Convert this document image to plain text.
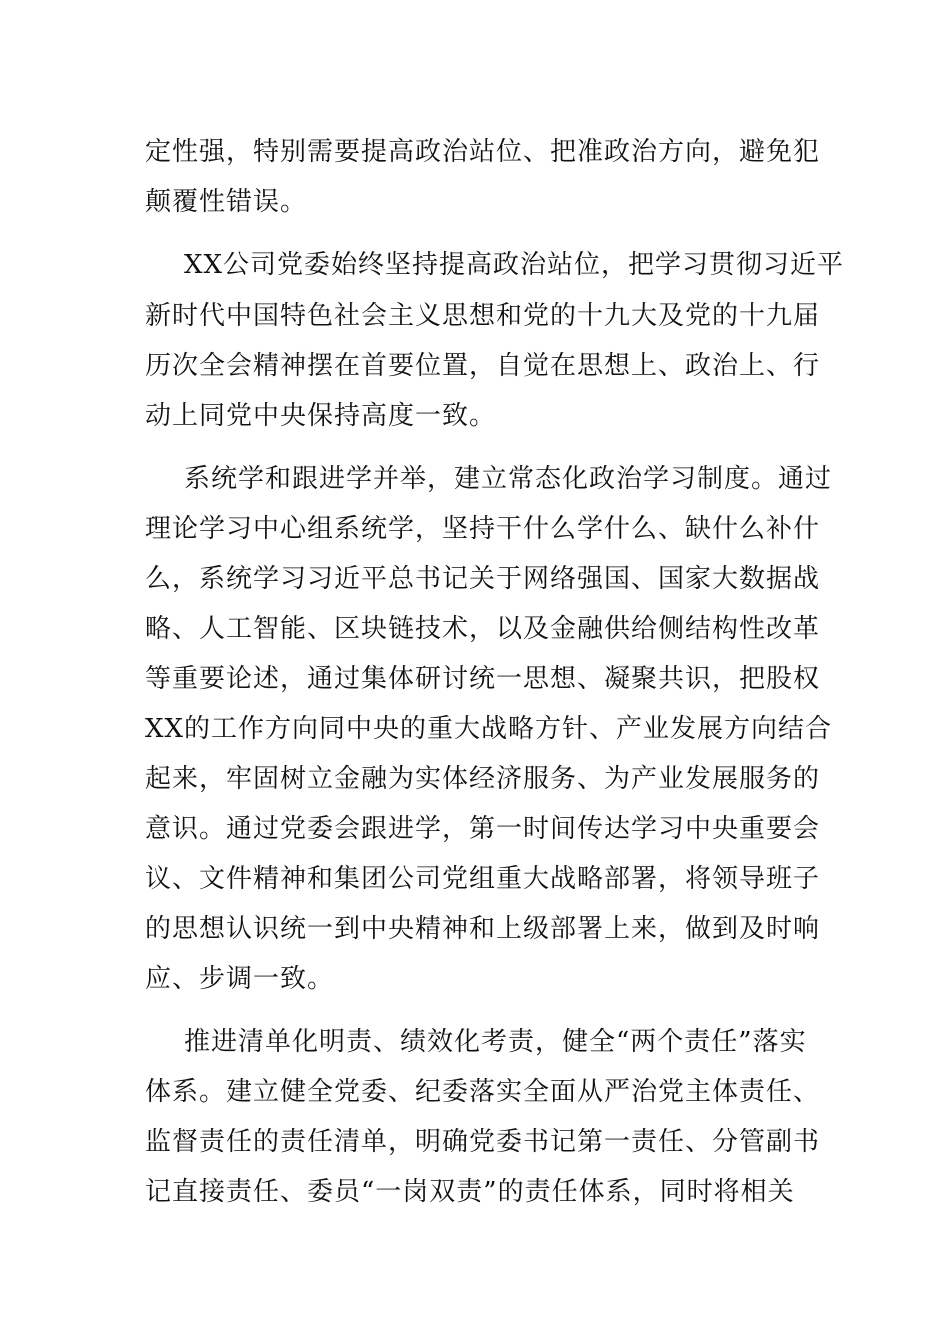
定性强，特别需要提高政治站位、把准政治方向，避免犯
颠覆性错误。
XX公司党委始终坚持提高政治站位，把学习贯彻习近平
新时代中国特色社会主义思想和党的十九大及党的十九届
历次全会精神摆在首要位置，自觉在思想上、政治上、行
动上同党中央保持高度一致。
系统学和跟进学并举，建立常态化政治学习制度。通过
理论学习中心组系统学，坚持干什么学什么、缺什么补什
么，系统学习习近平总书记关于网络强国、国家大数据战
略、人工智能、区块链技术，以及金融供给侧结构性改革
等重要论述，通过集体研讨统一思想、凝聚共识，把股权
XX的工作方向同中央的重大战略方针、产业发展方向结合
起来，牢固树立金融为实体经济服务、为产业发展服务的
意识。通过党委会跟进学，第一时间传达学习中央重要会
议、文件精神和集团公司党组重大战略部署，将领导班子
的思想认识统一到中央精神和上级部署上来，做到及时响
应、步调一致。
推进清单化明责、绩效化考责，健全“两个责任”落实
体系。建立健全党委、纪委落实全面从严治党主体责任、
监督责任的责任清单，明确党委书记第一责任、分管副书
记直接责任、委员“一岗双责”的责任体系，同时将相关
